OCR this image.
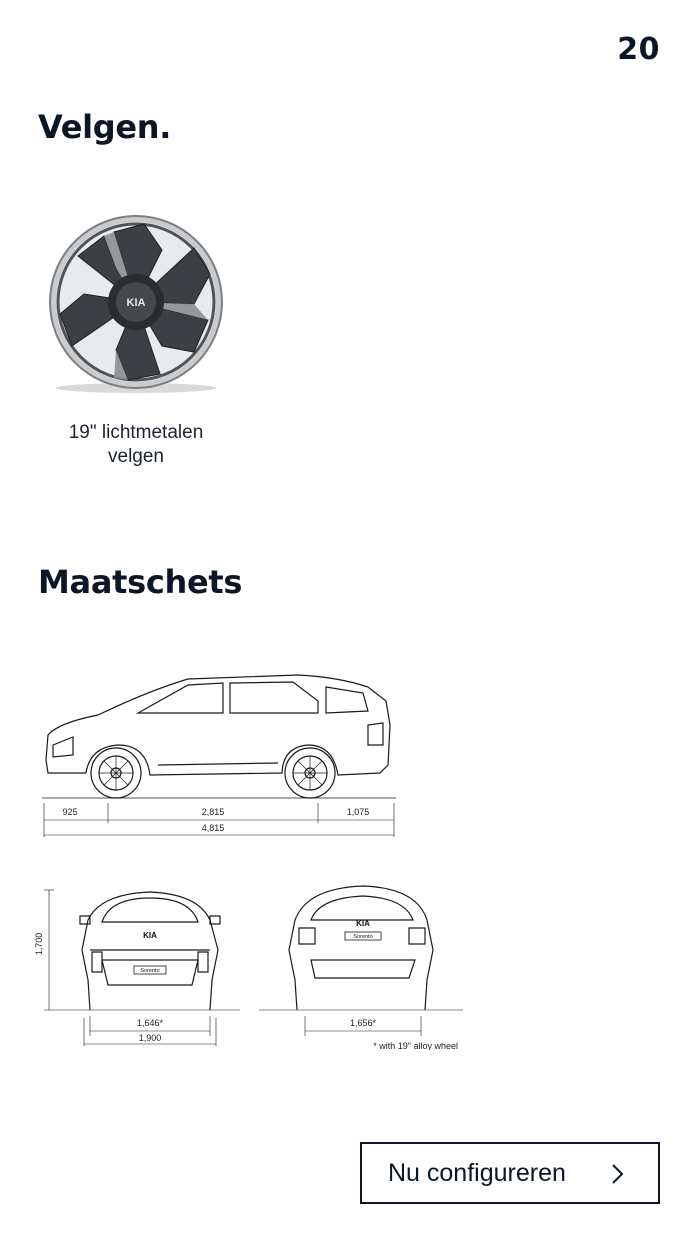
20
Velgen.
KIA
19" lichtmetalen
velgen
Maatschets
925	2,815	1,075
4,815
KIA
Sorento
1,700
1,646*
1,900
KIA
Sorento
1,656*
* with 19" alloy wheel
Nu configureren
